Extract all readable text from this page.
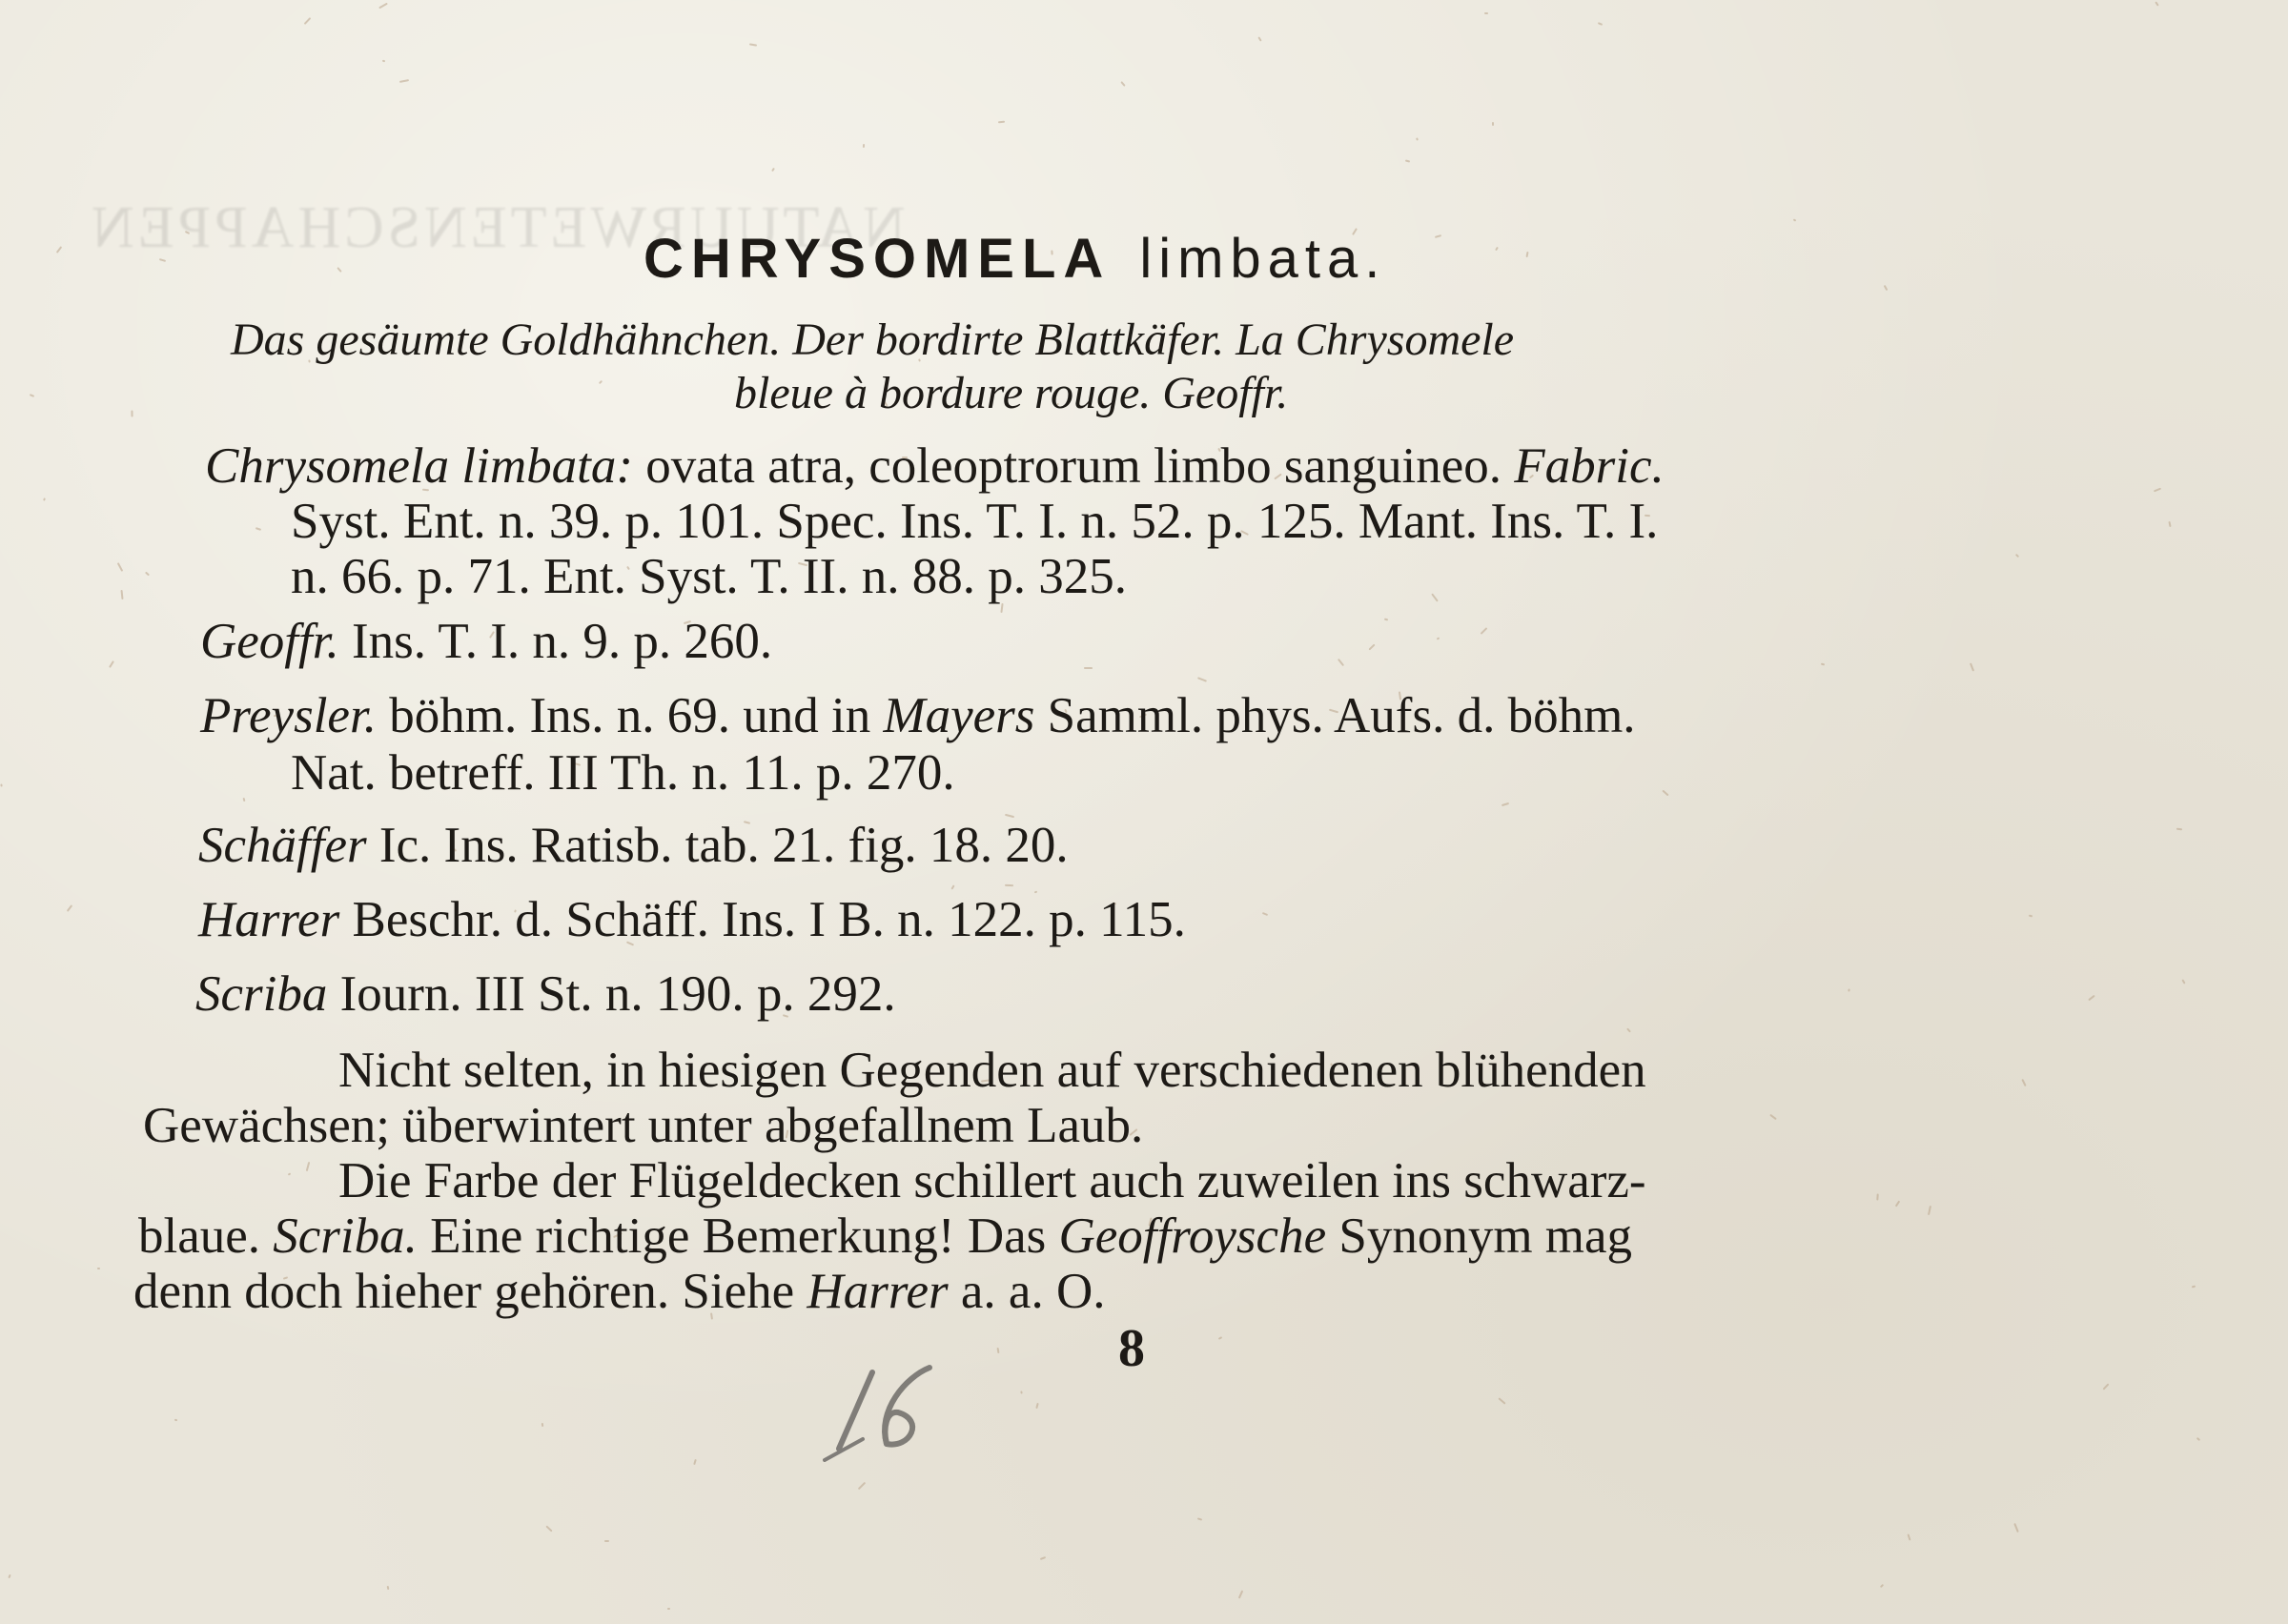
NATUURWETENSCHAPPEN
CHRYSOMELA limbata.
Das gesäumte Goldhähnchen. Der bordirte Blattkäfer. La Chrysomele
bleue à bordure rouge. Geoffr.
Chrysomela limbata: ovata atra, coleoptrorum limbo sanguineo. Fabric.
Syst. Ent. n. 39. p. 101. Spec. Ins. T. I. n. 52. p. 125. Mant. Ins. T. I.
n. 66. p. 71. Ent. Syst. T. II. n. 88. p. 325.
Geoffr. Ins. T. I. n. 9. p. 260.
Preysler. böhm. Ins. n. 69. und in Mayers Samml. phys. Aufs. d. böhm.
Nat. betreff. III Th. n. 11. p. 270.
Schäffer Ic. Ins. Ratisb. tab. 21. fig. 18. 20.
Harrer Beschr. d. Schäff. Ins. I B. n. 122. p. 115.
Scriba Iourn. III St. n. 190. p. 292.
Nicht selten, in hiesigen Gegenden auf verschiedenen blühenden
Gewächsen; überwintert unter abgefallnem Laub.
Die Farbe der Flügeldecken schillert auch zuweilen ins schwarz-
blaue. Scriba. Eine richtige Bemerkung! Das Geoffroysche Synonym mag
denn doch hieher gehören. Siehe Harrer a. a. O.
8
16
